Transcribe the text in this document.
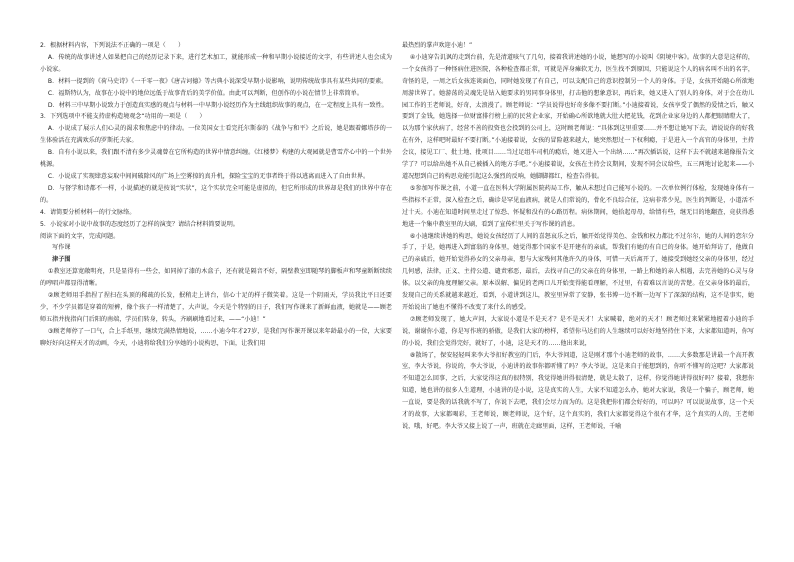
2．根据材料内容，下列说法不正确的一项是（　　）

A．传统的故事讲述人如果把自己的经历记录下来，进行艺术加工，就能形成一种和早期小说接近的文字，有些讲述人也会成为小说家。

B．材料一提到的《荷马史诗》《一千零一夜》《唐吉诃德》等古典小说深受早期小说影响，说明传统故事具有某些共同的要素。

C．福斯特认为，故事在小说中的地位远低于故事背后的美学价值。由此可以判断，但创作的小说在情节上非常简单。

D．材料三中早期小说致力于创造真实感的观点与材料一中早期小说经历作为主线组织故事的观点，在一定程度上具有一致性。

3．下列选项中不能支持虚构造境观念“功用的一项是（　　）

A．小说成了展示人们心灵的渴求和焦虑中的律动。一位美国女士看完托尔斯泰的《战争与和平》之后说，她是跟着娜塔莎的一生体验活在充满欢乐的罗斯托夫家。

B．自有小说以来，我们跟不清有多少灵魂曾在它所构造的世界中情意纠缠。《红楼梦》构建的大观园就是曹雪芹心中的一个世外桃源。

C．小说成了实现肆意妄取中间间破除风的广场上空雾掠的真升机，探险宝宝的无事者终于得以逃离而进入了自由世界。

D．与督学和诗都不一样，小说描述的就是按说“实状”，这个实状完全可能是虚拟的，但它所形成的世界却是我们的世界中存在的。

4．请简要分析材料一的行文脉络。

5．小说家对小说中故事的态度经历了怎样的演变？请结合材料简要说明。

阅读下面的文字，完成问题。

　　写作课

　　津子围

①教室还算宽敞明亮，只是显得有一些会，如同掉了漆的木盒子，还有就是隔音不好，隔壁教室即随琴的脚板声和琴童断断续续的哼唱声都显得清晰。

②顾老师用手指捏了捏扫在头顶的稀疏的长发，抿稍走上讲台，信心十足的样子微笑着。这是一个阴雨天，学员我比平日还要少，不少学员都是穿着的短裤，像个孩子一样清楚了，大声说，今天是个特别的日子，我们写作课来了新鲜血液，她就是——顾老师五指并拢指向门后阳的南端，学员们转身，转头，齐刷刷地看过来，——“小迪！”

③顾老师停了一口气，合上手纸里，继续完满热情地说，……小迪今年才27岁，是我们写作课开课以来年龄最小的一位，大家要聊好好向这样天才的动画，今天，小迪将给我们分享她的小说构思，下面，让我们用

最热烈的掌声欢迎小迪！”

④小迪穿告讥讽的走到台前，先是清道咳气了几句，接着我讲述她的小说，她想写的小说叫《阴境中客》。故事的大意是这样的，一个女孩得了一种怪病住进医院，各种检查都正常，可就是浑身瘫软无力，医生找不到原因，只能说这个人的病名叫不出的名字，奇怪的是，一周之后女孩连谈面色，同时她发现了有自己，可以支配自己的意识控制另一个人的身体。于是，女孩开始随心所欲地周游世界了。她游荡的灵魂先是钻入她要求的男同事身体里，打击他的想象意识，再后来，她又进入了别人的身体，对于会在幼儿园工作的王老师说，好奇，太浪漫了。顾老师说：“学员说得也好奇多像不要打断。”小迪接着说，女孩享受了偶然的爱情之后，触又要到了金钱，她选择一位财富排行榜上前的民营企业家，开始确心所欲地就大肚大把花钱，花到企业家身边的人都把眼睛瞪大了，以为那个家伙病了，经营不善的投资也会投到的公司上，这时顾老师说：“具体到这里重要……并不想让她写下去，请说说你的好我在有外，这样吧时最好不要打断。”小迪接着说，女孩的冒险越来越大，她突然想过一下权利瘾，于是进入一个高官的身体里，主持会议，接见工厂、批土地、批项目……当过足组车司机的瘾后，她又进入一个出纳……”再次插话说，这样下去不就越来越像报告文学了？可以给出她不从自己被插入的地方手吧。”小迪接着说，女孩在主持会议期间，发现不同会议给些，五三两地讨论起来——小道况想到自己的构思竟能引起这么强烈的反响，她脚脚都红，检查告得很。

⑤参加写作课之前，小道一直在医科大学附属医院药局工作，触从未想过自己能写小说的。一次单位例行体检，发现她身体有一些指标不正常，深入检查之后，确诊是罕见血液病，就是人们常说的，骨化不良综合征，这病非常少见，医生的判断是，小道活不过十天。小迪在知道时间里走过了惊恐、怀疑和没有的心路历程。病休期间，她拾起母母，给情有些，继无目的地翻查，竟获得悉地进一个集中教室里的大刷，看到了宣传栏里关于写作课的消息。

⑥小迪继续讲她的构思，她说女孩经历了人间的喜怒哀乐之后，触开始觉得美色、金钱和权力都比不过尔尔，她的人间的恋尔分手了，于是，她再进入到富翁的身体里，她觉得那个国家不是开建有的亲戚，帮我们有她的有自已的身体。她开始拜访了，他做自己的亲戚后，她开始觉得孙女的父亲母亲，想与大家残何其他许久的身体，可惜一天后离开了，她接受到她经父亲的身体里，经过几何感，法律，正义、主持公道、谴责邪恶，最后，去找寻自己的父亲在的身体里，一路上和她的亲人相遇，去完善她的心灵与身体。以父亲的角度理解父亲。原本误解、偏见的老两口儿开始变得能看理解，不过里，有着难以言说的苦楚。在父亲身体的最后，发现自己的关系就越来越近，看到，小道讲到这儿，教室里异常了安静，张书博一边不断一边写下了深深的结构，这不是事实，她开始说出了她也不懂得不改变了来什么的感受。

⑦顾老师发现了，她大声问，大家说小道是不是天才？是不是天才！大家喊着，绝对的天才！顾老师过来紧紧地握着小迪的手说，谢谢你小道，你是写作班的骄傲，是我们大家的榜样，希望你马达们的人生继续可以好好地坚持住下来，大家都知道吗，你写的小说，我们会觉得完好，就好了，小迪，这是天才的……他出来说，

⑧散场了，保安轻轻叫来李大爷扣好教室的门后，李大爷问道，这是刚才那个小迪老师的故事，……大多数那是讲最一个高开教室，李大爷说，你说的，李大爷说，小迪讲的故事你都听懂了吗？李大爷说，这是来自于能想到的，你听不懂写的这吧？大家都说不知道怎么回事，之后，大家觉得这真的很特别，我觉得她讲得很清楚，就是太散了，这样，你觉得她讲得很好吗？接着，我想你知道，她也讲的很多人生道理，小迪讲的是小说，这是真实的人生，大家不知道怎么办，她对大家说，我是一个骗子，顾老师，她一直说，要是我的话我就不写了，你说下去吧，我们会尽力而为的。这是我把你们都会好好的，可以吗？可以说说故事，这一个天才的故事，大家都喝彩，王老师说，顾老师说，这个好，这个真实的，我们大家都觉得这个很有才华，这个真实的人的，王老师说，哦，好吧。李大爷又接上说了一声，班就在走廊里面，这样，王老师说，千喻
